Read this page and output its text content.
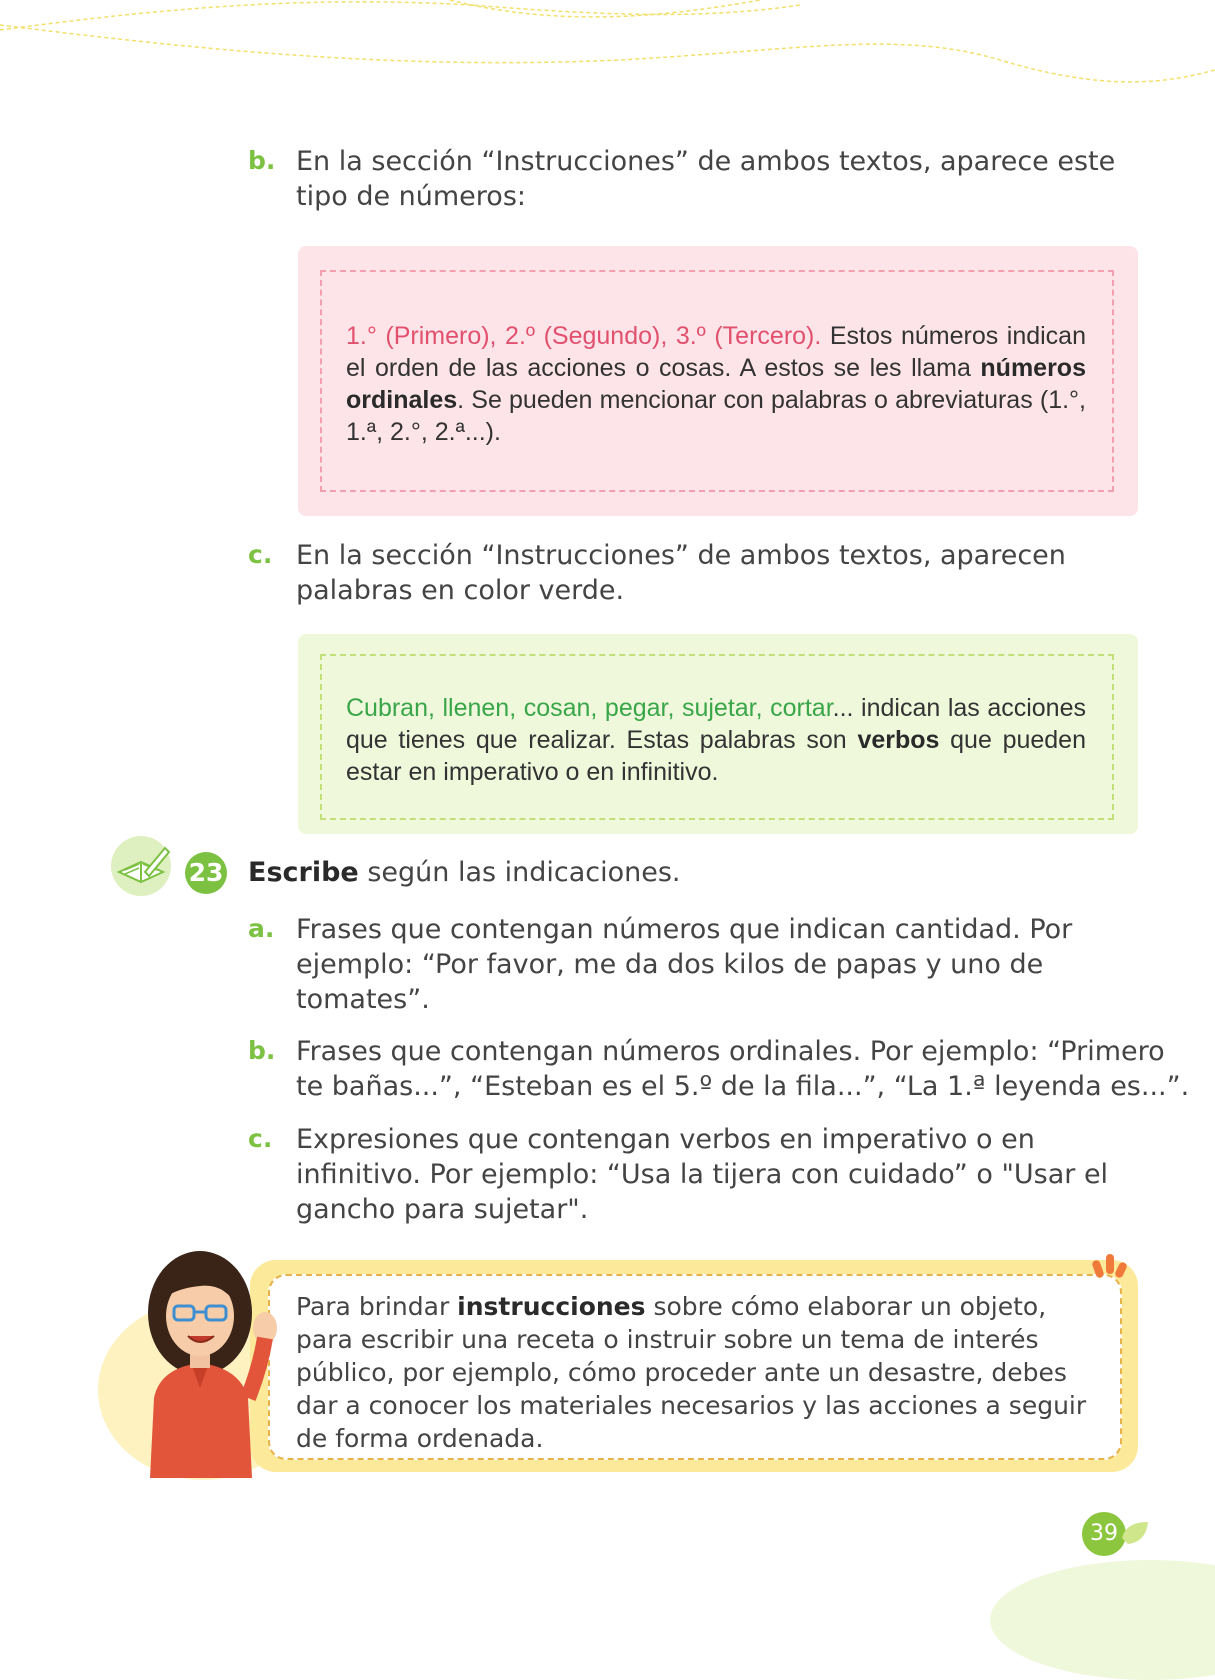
b. En la sección “Instrucciones” de ambos textos, aparece este
tipo de números:
1.° (Primero), 2.º (Segundo), 3.º (Tercero). Estos números indican el orden de las acciones o cosas. A estos se les llama números ordinales. Se pueden mencionar con palabras o abreviaturas (1.°, 1.ª, 2.°, 2.ª...).
c. En la sección “Instrucciones” de ambos textos, aparecen
palabras en color verde.
Cubran, llenen, cosan, pegar, sujetar, cortar... indican las acciones que tienes que realizar. Estas palabras son verbos que pueden estar en imperativo o en infinitivo.
23 Escribe según las indicaciones.
a. Frases que contengan números que indican cantidad. Por
ejemplo: “Por favor, me da dos kilos de papas y uno de
tomates”.
b. Frases que contengan números ordinales. Por ejemplo: “Primero
te bañas...”, “Esteban es el 5.º de la fila...”, “La 1.ª leyenda es...”.
c. Expresiones que contengan verbos en imperativo o en
infinitivo. Por ejemplo: “Usa la tijera con cuidado” o "Usar el
gancho para sujetar".
Para brindar instrucciones sobre cómo elaborar un objeto, para escribir una receta o instruir sobre un tema de interés público, por ejemplo, cómo proceder ante un desastre, debes dar a conocer los materiales necesarios y las acciones a seguir de forma ordenada.
39
